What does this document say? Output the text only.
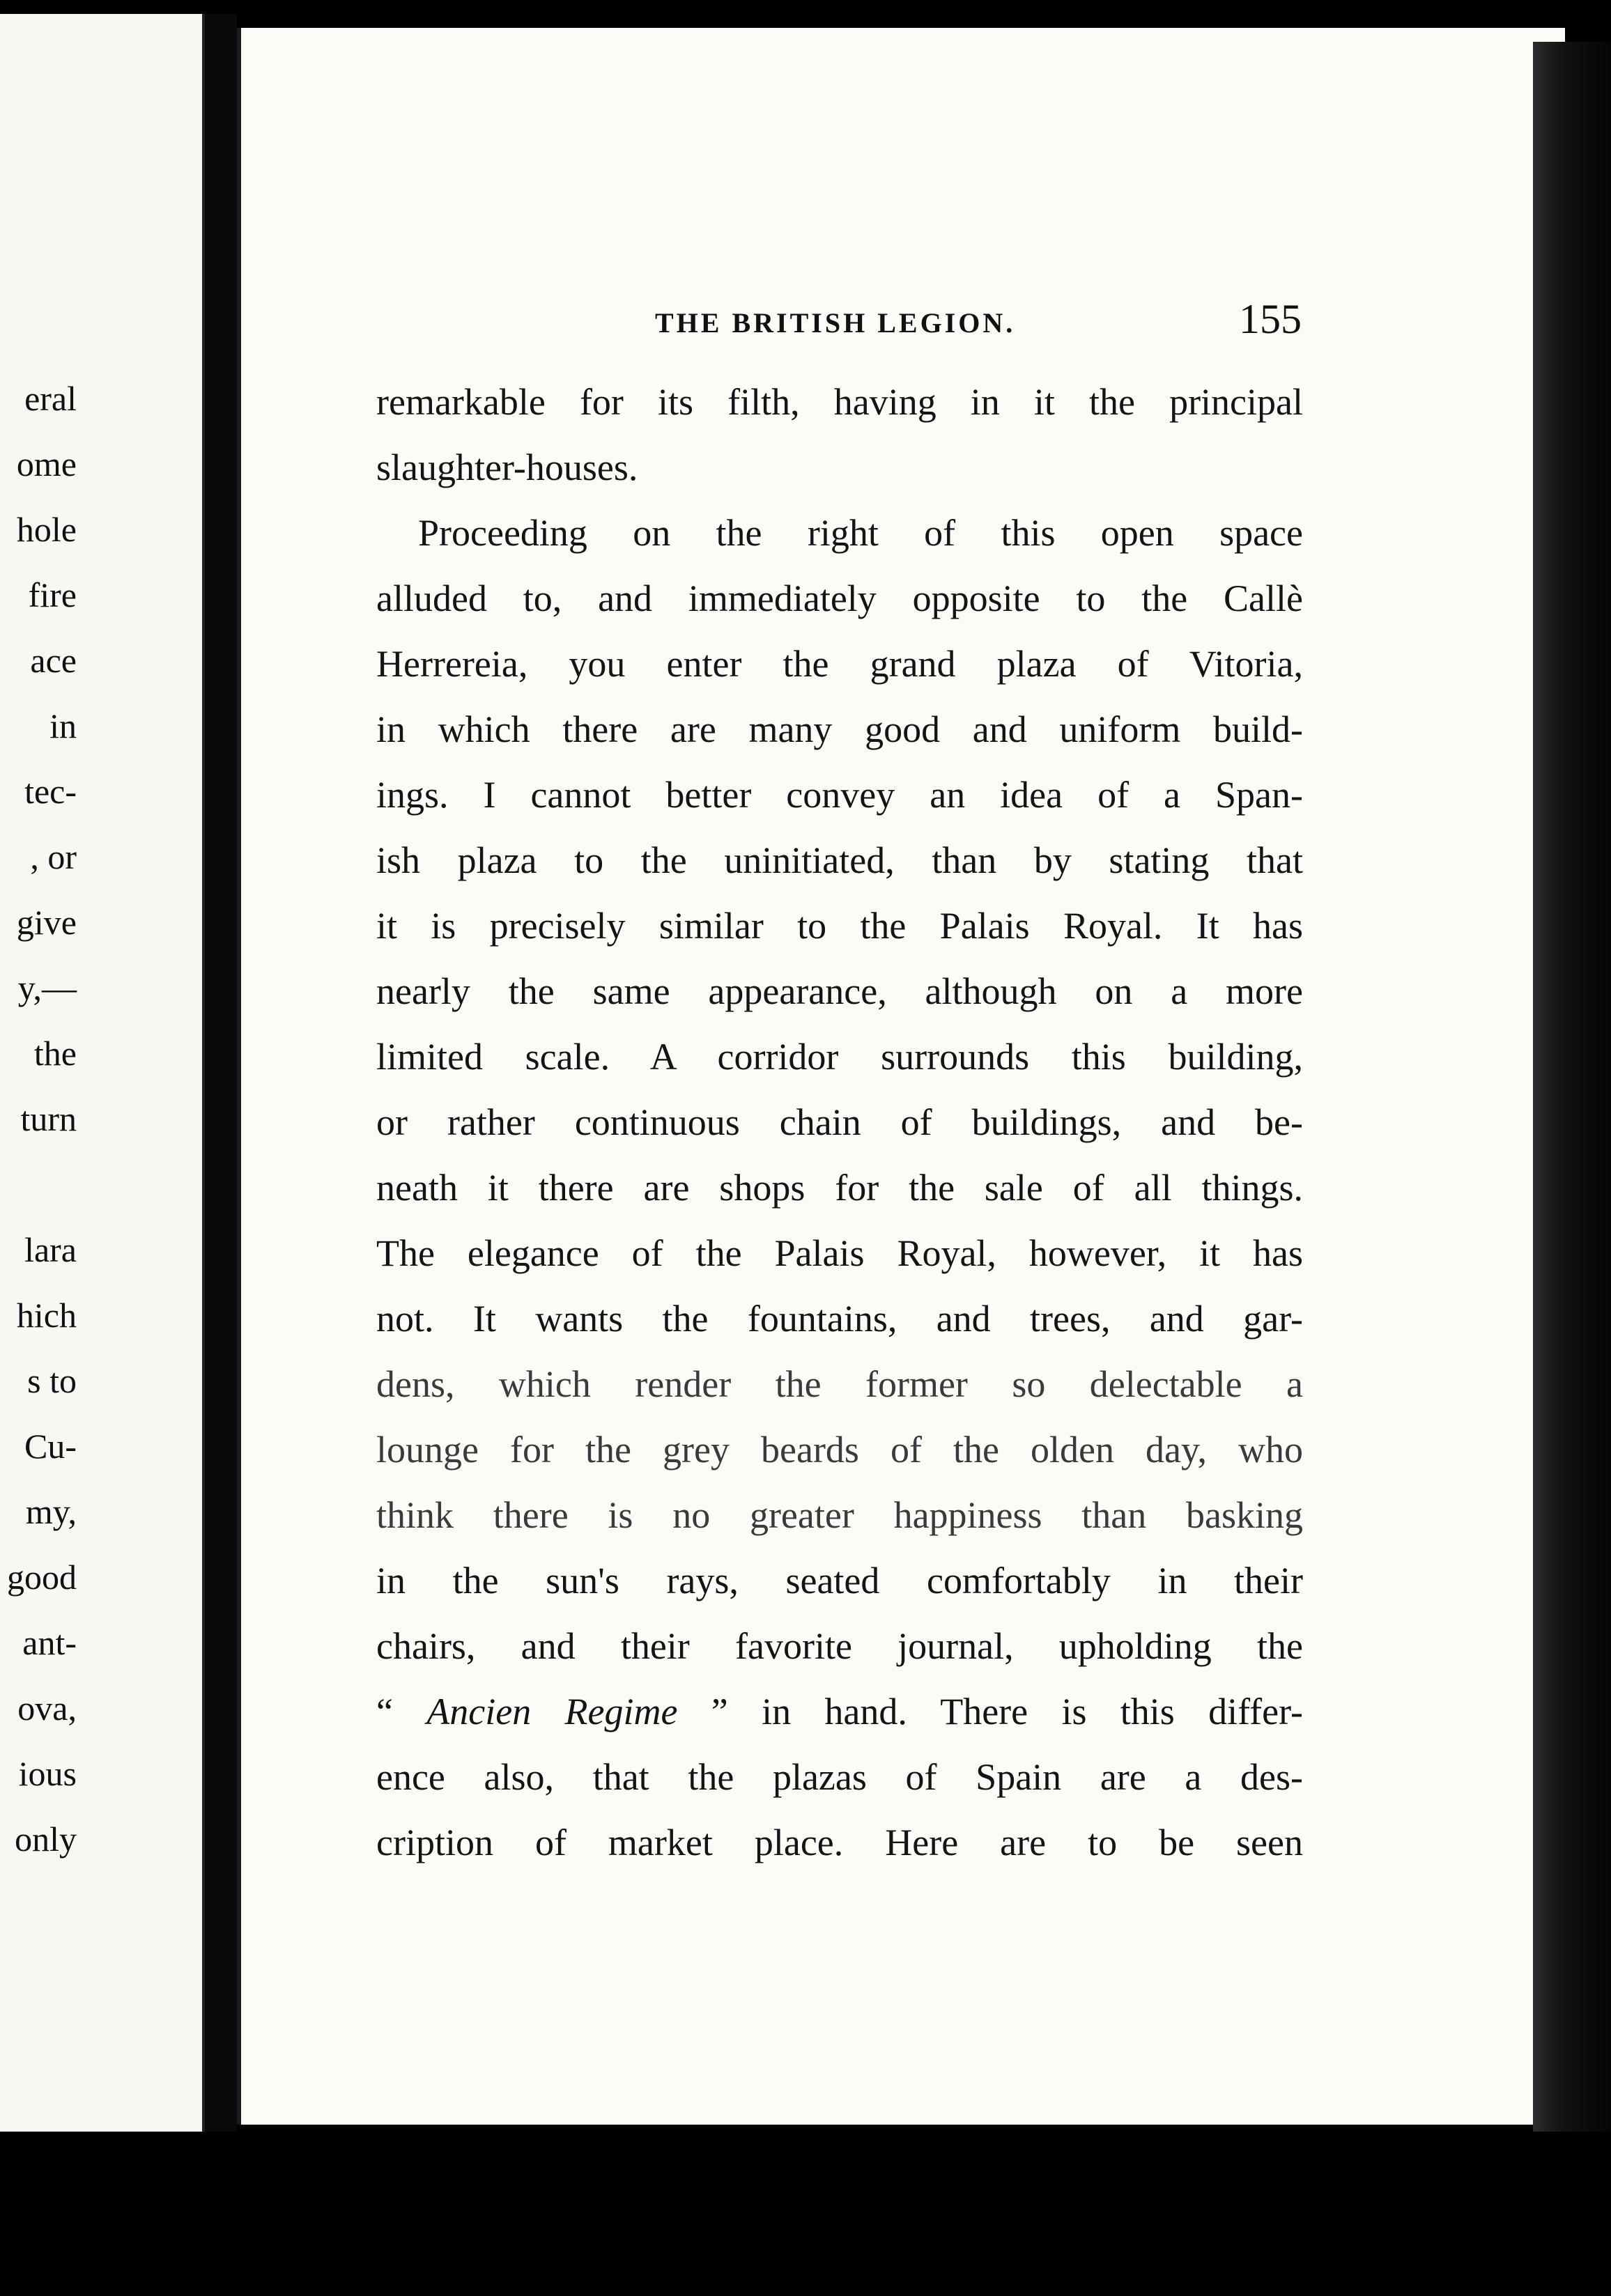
eral
ome
hole
fire
ace
in
tec-
, or
give
y,—
the
turn
lara
hich
s to
Cu-
my,
good
ant-
ova,
ious
only
THE BRITISH LEGION.	155
remarkable for its filth, having in it the principal
slaughter-houses.
Proceeding on the right of this open space
alluded to, and immediately opposite to the Callè
Herrereia, you enter the grand plaza of Vitoria,
in which there are many good and uniform build-
ings. I cannot better convey an idea of a Span-
ish plaza to the uninitiated, than by stating that
it is precisely similar to the Palais Royal. It has
nearly the same appearance, although on a more
limited scale. A corridor surrounds this building,
or rather continuous chain of buildings, and be-
neath it there are shops for the sale of all things.
The elegance of the Palais Royal, however, it has
not. It wants the fountains, and trees, and gar-
dens, which render the former so delectable a
lounge for the grey beards of the olden day, who
think there is no greater happiness than basking
in the sun's rays, seated comfortably in their
chairs, and their favorite journal, upholding the
“ Ancien Regime ” in hand. There is this differ-
ence also, that the plazas of Spain are a des-
cription of market place. Here are to be seen
